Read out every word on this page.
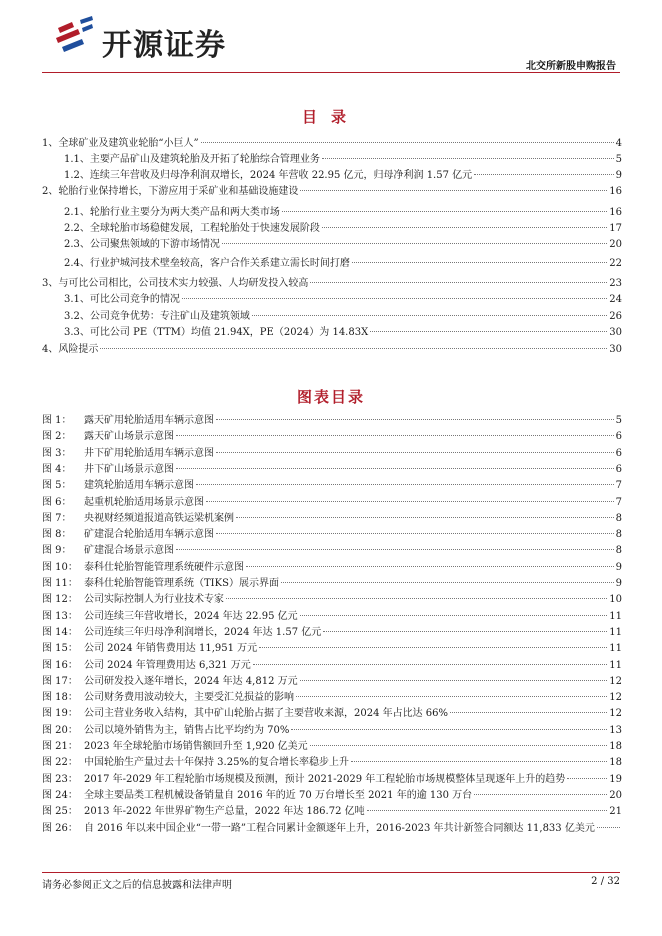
开源证券
北交所新股申购报告
目录
1、 全球矿业及建筑业轮胎“小巨人”	4
1.1、 主要产品矿山及建筑轮胎及开拓了轮胎综合管理业务	5
1.2、 连续三年营收及归母净利润双增长，2024 年营收 22.95 亿元，归母净利润 1.57 亿元	9
2、 轮胎行业保持增长，下游应用于采矿业和基础设施建设	16
2.1、 轮胎行业主要分为两大类产品和两大类市场	16
2.2、 全球轮胎市场稳健发展，工程轮胎处于快速发展阶段	17
2.3、 公司聚焦领域的下游市场情况	20
2.4、 行业护城河技术壁垒较高，客户合作关系建立需长时间打磨	22
3、 与可比公司相比，公司技术实力较强、人均研发投入较高	23
3.1、 可比公司竞争的情况	24
3.2、 公司竞争优势：专注矿山及建筑领域	26
3.3、 可比公司 PE（TTM）均值 21.94X，PE（2024）为 14.83X	30
4、 风险提示	30
图表目录
图 1：	露天矿用轮胎适用车辆示意图	5
图 2：	露天矿山场景示意图	6
图 3：	井下矿用轮胎适用车辆示意图	6
图 4：	井下矿山场景示意图	6
图 5：	建筑轮胎适用车辆示意图	7
图 6：	起重机轮胎适用场景示意图	7
图 7：	央视财经频道报道高铁运梁机案例	8
图 8：	矿建混合轮胎适用车辆示意图	8
图 9：	矿建混合场景示意图	8
图 10： 泰科仕轮胎智能管理系统硬件示意图	9
图 11： 泰科仕轮胎智能管理系统（TIKS）展示界面	9
图 12： 公司实际控制人为行业技术专家	10
图 13： 公司连续三年营收增长，2024 年达 22.95 亿元	11
图 14： 公司连续三年归母净利润增长，2024 年达 1.57 亿元	11
图 15： 公司 2024 年销售费用达 11,951 万元	11
图 16： 公司 2024 年管理费用达 6,321 万元	11
图 17： 公司研发投入逐年增长，2024 年达 4,812 万元	12
图 18： 公司财务费用波动较大，主要受汇兑损益的影响	12
图 19： 公司主营业务收入结构，其中矿山轮胎占据了主要营收来源，2024 年占比达 66%	12
图 20： 公司以境外销售为主，销售占比平均约为 70%	13
图 21： 2023 年全球轮胎市场销售额回升至 1,920 亿美元	18
图 22： 中国轮胎生产量过去十年保持 3.25%的复合增长率稳步上升	18
图 23： 2017 年-2029 年工程轮胎市场规模及预测，预计 2021-2029 年工程轮胎市场规模整体呈现逐年上升的趋势	19
图 24： 全球主要品类工程机械设备销量自 2016 年的近 70 万台增长至 2021 年的逾 130 万台	20
图 25： 2013 年-2022 年世界矿物生产总量，2022 年达 186.72 亿吨	21
图 26： 自 2016 年以来中国企业“一带一路”工程合同累计金额逐年上升，2016-2023 年共计新签合同额达 11,833 亿美元
请务必参阅正文之后的信息披露和法律声明	2 / 32
